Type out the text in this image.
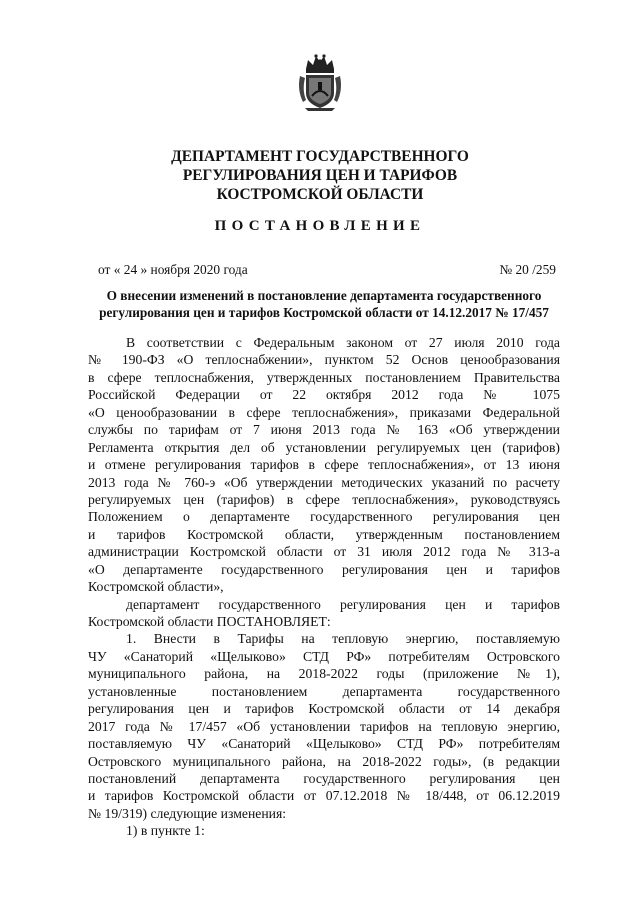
ДЕПАРТАМЕНТ ГОСУДАРСТВЕННОГО
РЕГУЛИРОВАНИЯ ЦЕН И ТАРИФОВ
КОСТРОМСКОЙ ОБЛАСТИ
ПОСТАНОВЛЕНИЕ
от « 24 » ноября 2020 года	№ 20 /259
О внесении изменений в постановление департамента государственного
регулирования цен и тарифов Костромской области от 14.12.2017 № 17/457
В соответствии с Федеральным законом от 27 июля 2010 года
№ 190-ФЗ «О теплоснабжении», пунктом 52 Основ ценообразования
в сфере теплоснабжения, утвержденных постановлением Правительства
Российской Федерации от 22 октября 2012 года № 1075
«О ценообразовании в сфере теплоснабжения», приказами Федеральной
службы по тарифам от 7 июня 2013 года № 163 «Об утверждении
Регламента открытия дел об установлении регулируемых цен (тарифов)
и отмене регулирования тарифов в сфере теплоснабжения», от 13 июня
2013 года № 760-э «Об утверждении методических указаний по расчету
регулируемых цен (тарифов) в сфере теплоснабжения», руководствуясь
Положением о департаменте государственного регулирования цен
и тарифов Костромской области, утвержденным постановлением
администрации Костромской области от 31 июля 2012 года № 313-а
«О департаменте государственного регулирования цен и тарифов
Костромской области»,
департамент государственного регулирования цен и тарифов
Костромской области ПОСТАНОВЛЯЕТ:
1. Внести в Тарифы на тепловую энергию, поставляемую
ЧУ «Санаторий «Щелыково» СТД РФ» потребителям Островского
муниципального района, на 2018-2022 годы (приложение №1),
установленные постановлением департамента государственного
регулирования цен и тарифов Костромской области от 14 декабря
2017 года № 17/457 «Об установлении тарифов на тепловую энергию,
поставляемую ЧУ «Санаторий «Щелыково» СТД РФ» потребителям
Островского муниципального района, на 2018-2022 годы», (в редакции
постановлений департамента государственного регулирования цен
и тарифов Костромской области от 07.12.2018 № 18/448, от 06.12.2019
№ 19/319) следующие изменения:
1) в пункте 1:
